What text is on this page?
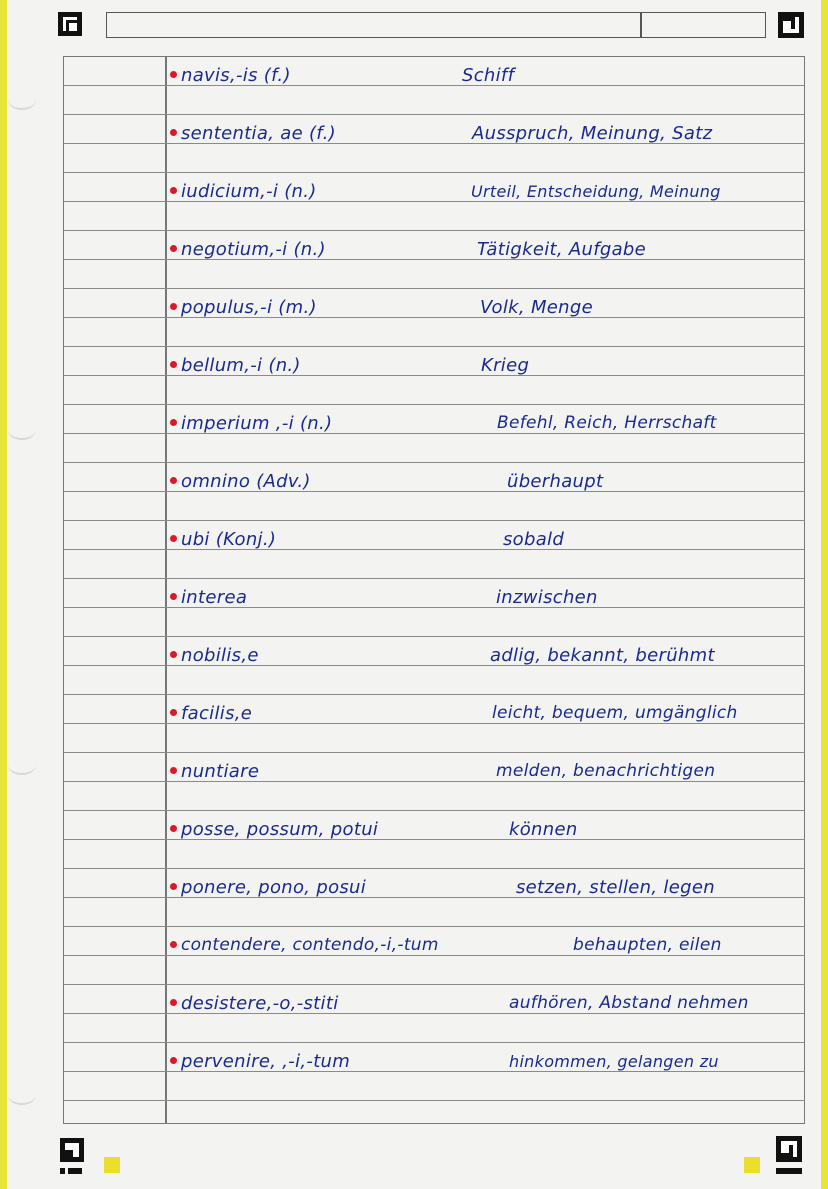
navis,-is (f.)	Schiff
sententia, ae (f.)	Ausspruch, Meinung, Satz
iudicium,-i (n.)	Urteil, Entscheidung, Meinung
negotium,-i (n.)	Tätigkeit, Aufgabe
populus,-i (m.)	Volk, Menge
bellum,-i (n.)	Krieg
imperium ,-i (n.)	Befehl, Reich, Herrschaft
omnino (Adv.)	überhaupt
ubi (Konj.)	sobald
interea	inzwischen
nobilis,e	adlig, bekannt, berühmt
facilis,e	leicht, bequem, umgänglich
nuntiare	melden, benachrichtigen
posse, possum, potui	können
ponere, pono, posui	setzen, stellen, legen
contendere, contendo,-i,-tum	behaupten, eilen
desistere,-o,-stiti	aufhören, Abstand nehmen
pervenire, ,-i,-tum	hinkommen, gelangen zu
